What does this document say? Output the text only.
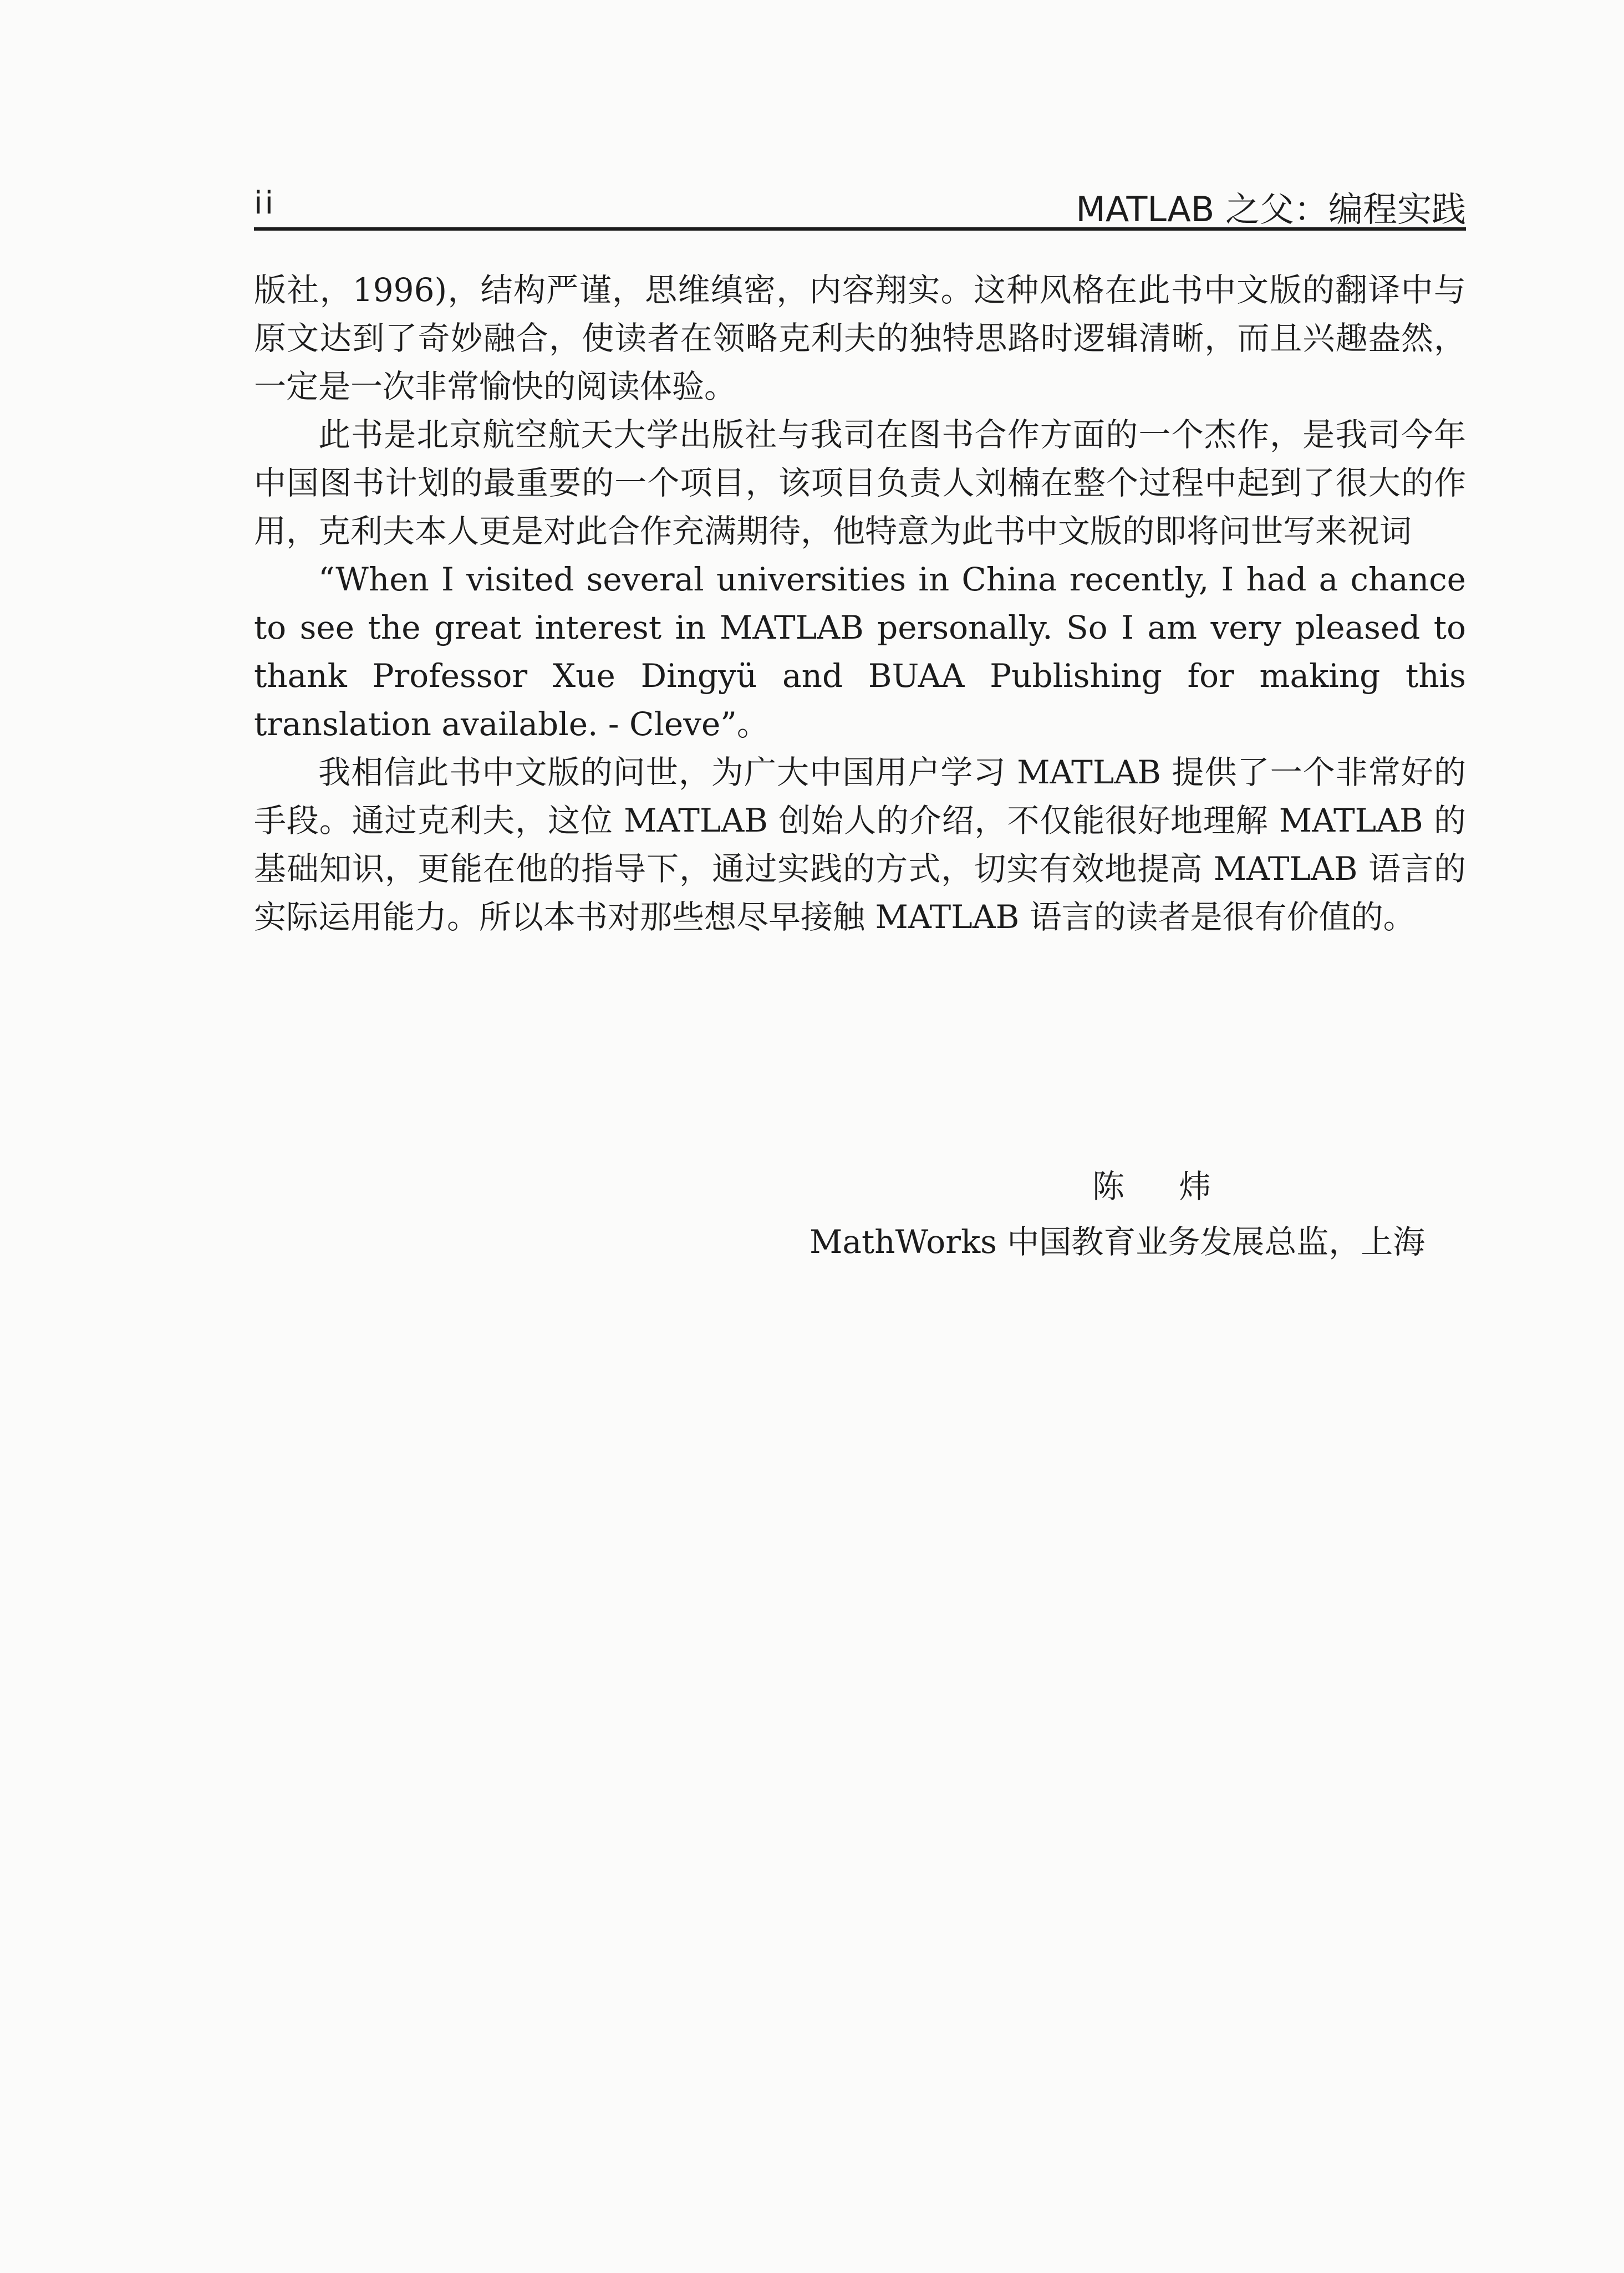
ii	MATLAB 之父：编程实践

版社，1996)，结构严谨，思维缜密，内容翔实。这种风格在此书中文版的翻译中与原文达到了奇妙融合，使读者在领略克利夫的独特思路时逻辑清晰，而且兴趣盎然，一定是一次非常愉快的阅读体验。

此书是北京航空航天大学出版社与我司在图书合作方面的一个杰作，是我司今年中国图书计划的最重要的一个项目，该项目负责人刘楠在整个过程中起到了很大的作用，克利夫本人更是对此合作充满期待，他特意为此书中文版的即将问世写来祝词

“When I visited several universities in China recently, I had a chance to see the great interest in MATLAB personally. So I am very pleased to thank Professor Xue Dingyü and BUAA Publishing for making this translation available. - Cleve”。

我相信此书中文版的问世，为广大中国用户学习 MATLAB 提供了一个非常好的手段。通过克利夫，这位 MATLAB 创始人的介绍，不仅能很好地理解 MATLAB 的基础知识，更能在他的指导下，通过实践的方式，切实有效地提高 MATLAB 语言的实际运用能力。所以本书对那些想尽早接触 MATLAB 语言的读者是很有价值的。

陈 炜
MathWorks 中国教育业务发展总监，上海
